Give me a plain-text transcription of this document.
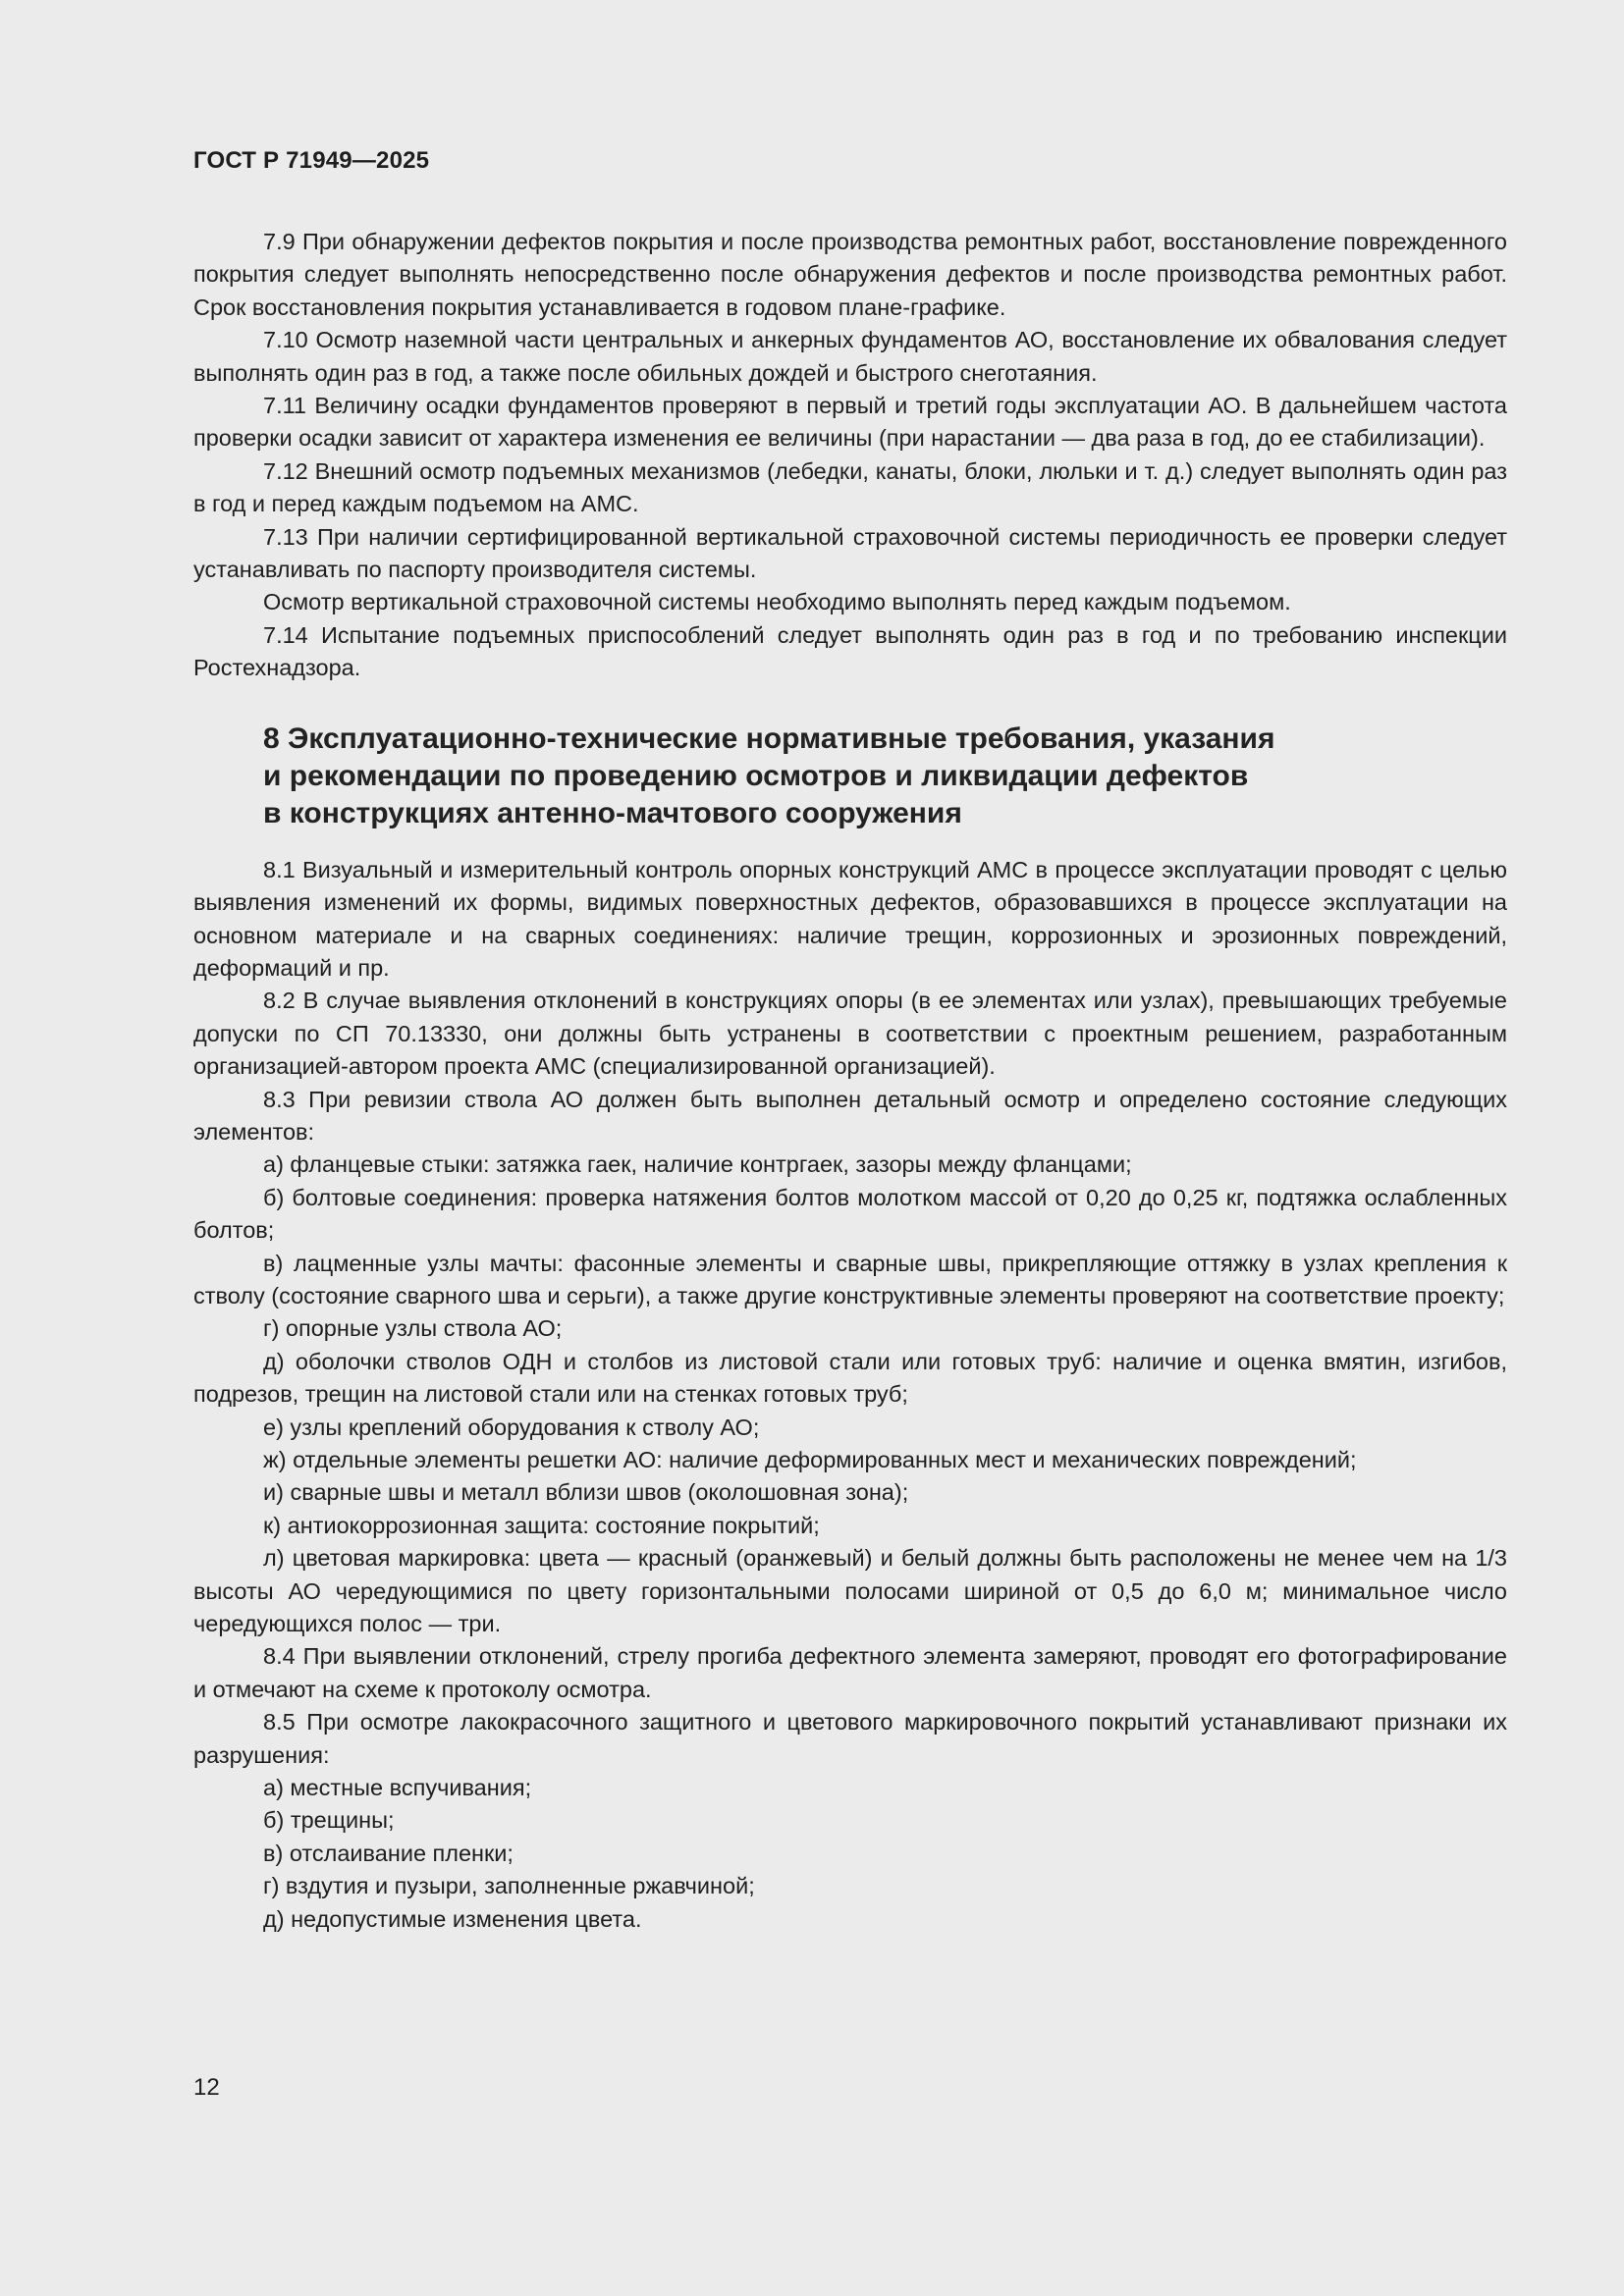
ГОСТ Р 71949—2025

7.9 При обнаружении дефектов покрытия и после производства ремонтных работ, восстановление поврежденного покрытия следует выполнять непосредственно после обнаружения дефектов и после производства ремонтных работ. Срок восстановления покрытия устанавливается в годовом плане-графике.

7.10 Осмотр наземной части центральных и анкерных фундаментов АО, восстановление их обвалования следует выполнять один раз в год, а также после обильных дождей и быстрого снеготаяния.

7.11 Величину осадки фундаментов проверяют в первый и третий годы эксплуатации АО. В дальнейшем частота проверки осадки зависит от характера изменения ее величины (при нарастании — два раза в год, до ее стабилизации).

7.12 Внешний осмотр подъемных механизмов (лебедки, канаты, блоки, люльки и т. д.) следует выполнять один раз в год и перед каждым подъемом на АМС.

7.13 При наличии сертифицированной вертикальной страховочной системы периодичность ее проверки следует устанавливать по паспорту производителя системы.

Осмотр вертикальной страховочной системы необходимо выполнять перед каждым подъемом.

7.14 Испытание подъемных приспособлений следует выполнять один раз в год и по требованию инспекции Ростехнадзора.

8 Эксплуатационно-технические нормативные требования, указания
и рекомендации по проведению осмотров и ликвидации дефектов
в конструкциях антенно-мачтового сооружения

8.1 Визуальный и измерительный контроль опорных конструкций АМС в процессе эксплуатации проводят с целью выявления изменений их формы, видимых поверхностных дефектов, образовавшихся в процессе эксплуатации на основном материале и на сварных соединениях: наличие трещин, коррозионных и эрозионных повреждений, деформаций и пр.

8.2 В случае выявления отклонений в конструкциях опоры (в ее элементах или узлах), превышающих требуемые допуски по СП 70.13330, они должны быть устранены в соответствии с проектным решением, разработанным организацией-автором проекта АМС (специализированной организацией).

8.3 При ревизии ствола АО должен быть выполнен детальный осмотр и определено состояние следующих элементов:

а) фланцевые стыки: затяжка гаек, наличие контргаек, зазоры между фланцами;

б) болтовые соединения: проверка натяжения болтов молотком массой от 0,20 до 0,25 кг, подтяжка ослабленных болтов;

в) лацменные узлы мачты: фасонные элементы и сварные швы, прикрепляющие оттяжку в узлах крепления к стволу (состояние сварного шва и серьги), а также другие конструктивные элементы проверяют на соответствие проекту;

г) опорные узлы ствола АО;

д) оболочки стволов ОДН и столбов из листовой стали или готовых труб: наличие и оценка вмятин, изгибов, подрезов, трещин на листовой стали или на стенках готовых труб;

е) узлы креплений оборудования к стволу АО;

ж) отдельные элементы решетки АО: наличие деформированных мест и механических повреждений;

и) сварные швы и металл вблизи швов (околошовная зона);

к) антиокоррозионная защита: состояние покрытий;

л) цветовая маркировка: цвета — красный (оранжевый) и белый должны быть расположены не менее чем на 1/3 высоты АО чередующимися по цвету горизонтальными полосами шириной от 0,5 до 6,0 м; минимальное число чередующихся полос — три.

8.4 При выявлении отклонений, стрелу прогиба дефектного элемента замеряют, проводят его фотографирование и отмечают на схеме к протоколу осмотра.

8.5 При осмотре лакокрасочного защитного и цветового маркировочного покрытий устанавливают признаки их разрушения:

а) местные вспучивания;

б) трещины;

в) отслаивание пленки;

г) вздутия и пузыри, заполненные ржавчиной;

д) недопустимые изменения цвета.

12
